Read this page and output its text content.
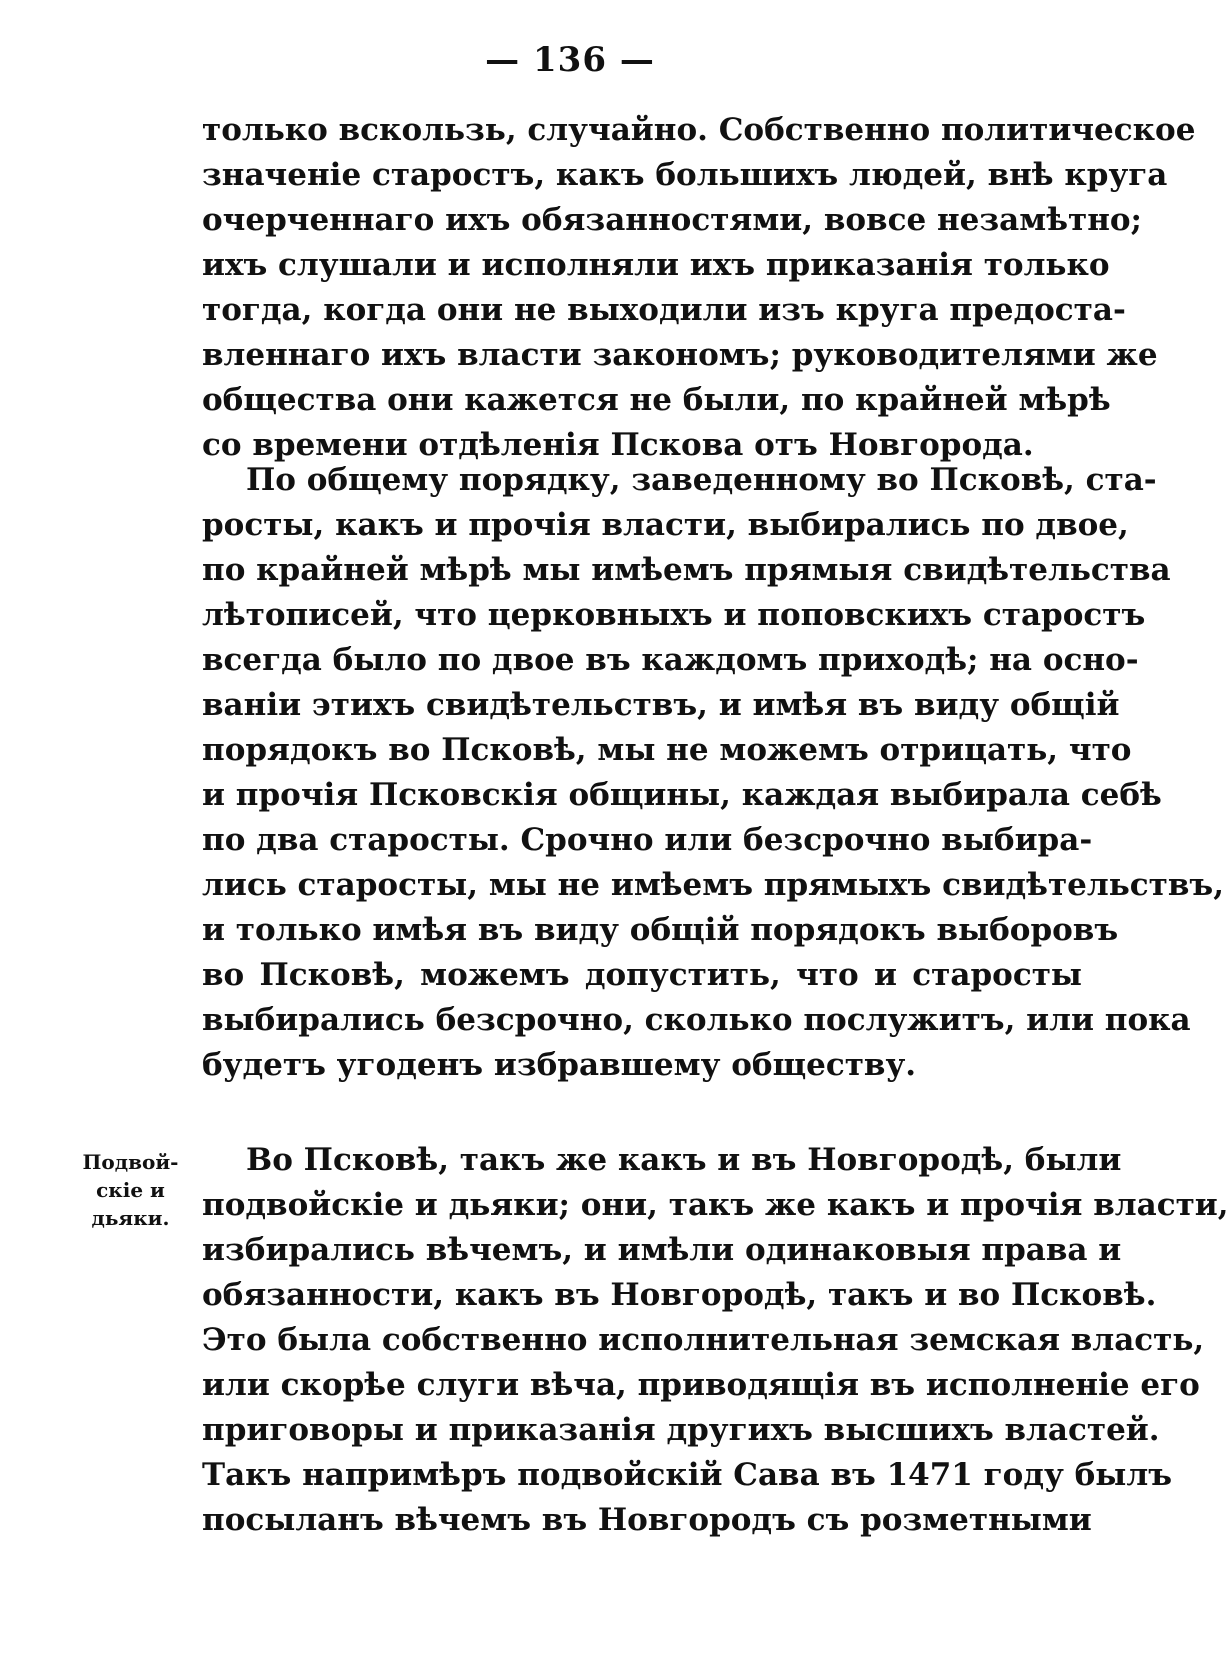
— 136 —
только вскользь, случайно. Собственно политическое
значеніе старостъ, какъ большихъ людей, внѣ круга
очерченнаго ихъ обязанностями, вовсе незамѣтно;
ихъ слушали и исполняли ихъ приказанія только
тогда, когда они не выходили изъ круга предоста-
вленнаго ихъ власти закономъ; руководителями же
общества они кажется не были, по крайней мѣрѣ
со времени отдѣленія Пскова отъ Новгорода.
По общему порядку, заведенному во Псковѣ, ста-
росты, какъ и прочія власти, выбирались по двое,
по крайней мѣрѣ мы имѣемъ прямыя свидѣтельства
лѣтописей, что церковныхъ и поповскихъ старостъ
всегда было по двое въ каждомъ приходѣ; на осно-
ваніи этихъ свидѣтельствъ, и имѣя въ виду общій
порядокъ во Псковѣ, мы не можемъ отрицать, что
и прочія Псковскія общины, каждая выбирала себѣ
по два старосты. Срочно или безсрочно выбира-
лись старосты, мы не имѣемъ прямыхъ свидѣтельствъ,
и только имѣя въ виду общій порядокъ выборовъ
во Псковѣ, можемъ допустить, что и старосты
выбирались безсрочно, сколько послужитъ, или пока
будетъ угоденъ избравшему обществу.
Подвой-
скіе и
дьяки.
Во Псковѣ, такъ же какъ и въ Новгородѣ, были
подвойскіе и дьяки; они, такъ же какъ и прочія власти,
избирались вѣчемъ, и имѣли одинаковыя права и
обязанности, какъ въ Новгородѣ, такъ и во Псковѣ.
Это была собственно исполнительная земская власть,
или скорѣе слуги вѣча, приводящія въ исполненіе его
приговоры и приказанія другихъ высшихъ властей.
Такъ напримѣръ подвойскій Сава въ 1471 году былъ
посыланъ вѣчемъ въ Новгородъ съ розметными
